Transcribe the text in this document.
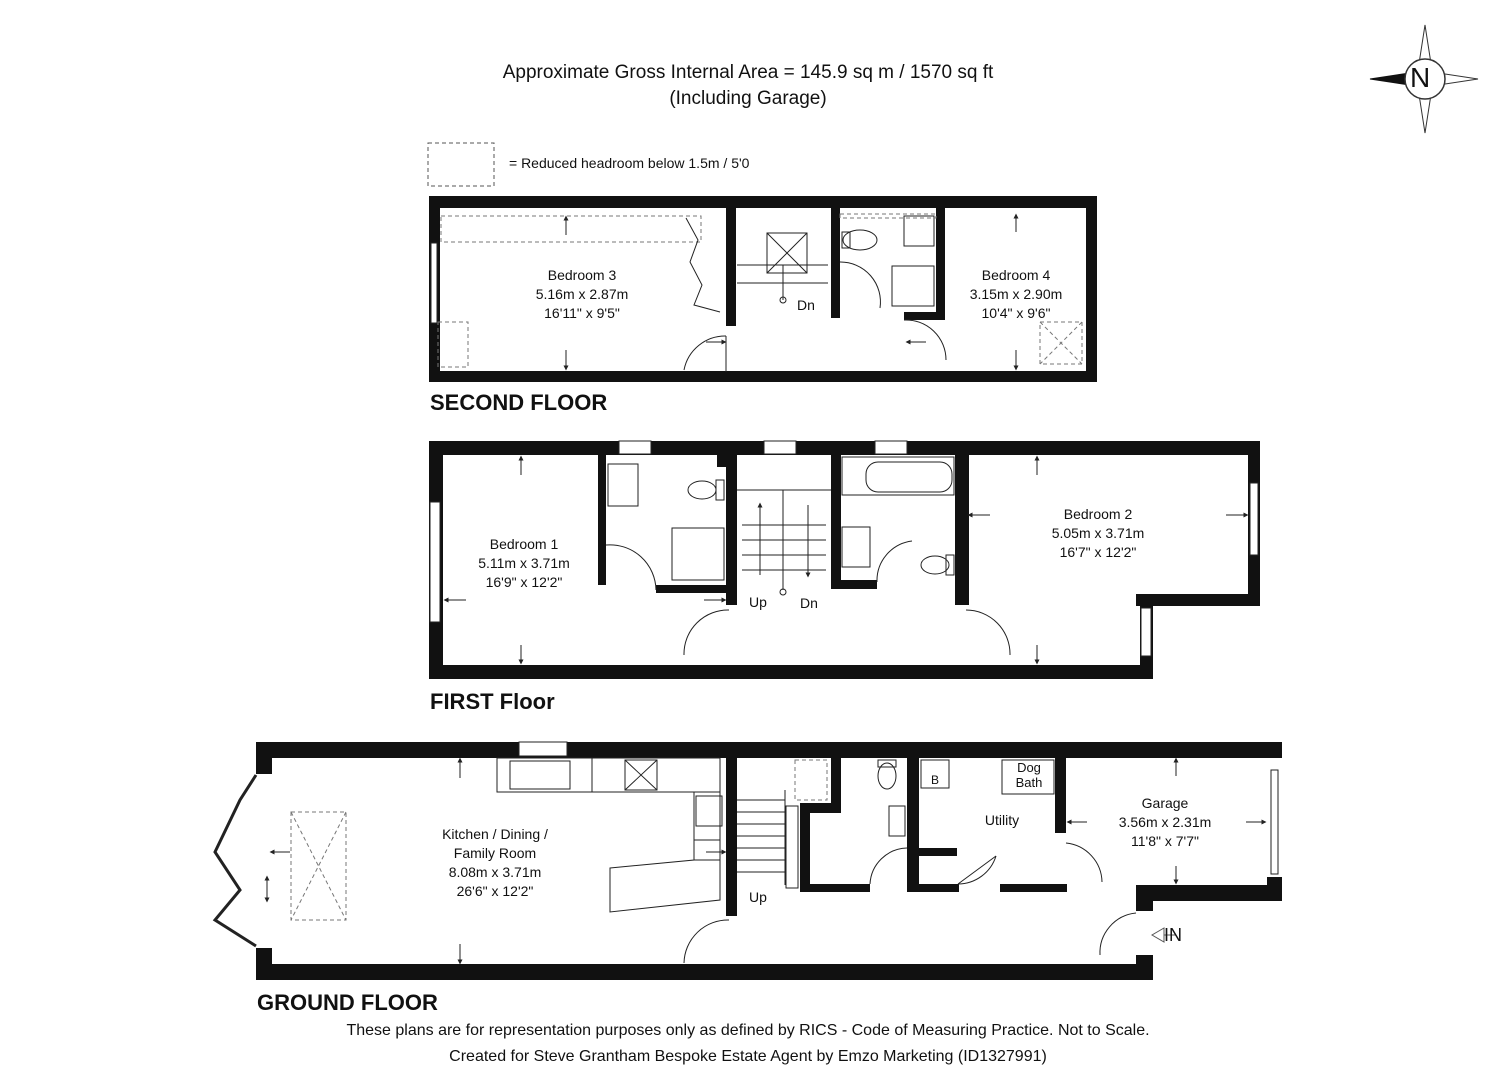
Approximate Gross Internal Area = 145.9 sq m / 1570 sq ft
(Including Garage)
= Reduced headroom below 1.5m / 5'0
N
SECOND FLOOR
Bedroom 3
5.16m x 2.87m
16'11" x 9'5"
Bedroom 4
3.15m x 2.90m
10'4" x 9'6"
Dn
FIRST Floor
Bedroom 1
5.11m x 3.71m
16'9" x 12'2"
Bedroom 2
5.05m x 3.71m
16'7" x 12'2"
Up Dn
GROUND FLOOR
Kitchen / Dining /
Family Room
8.08m x 3.71m
26'6" x 12'2"
Utility
Garage
3.56m x 2.31m
11'8" x 7'7"
Up
B
Dog
Bath
IN
These plans are for representation purposes only as defined by RICS - Code of Measuring Practice. Not to Scale.
Created for Steve Grantham Bespoke Estate Agent by Emzo Marketing (ID1327991)
